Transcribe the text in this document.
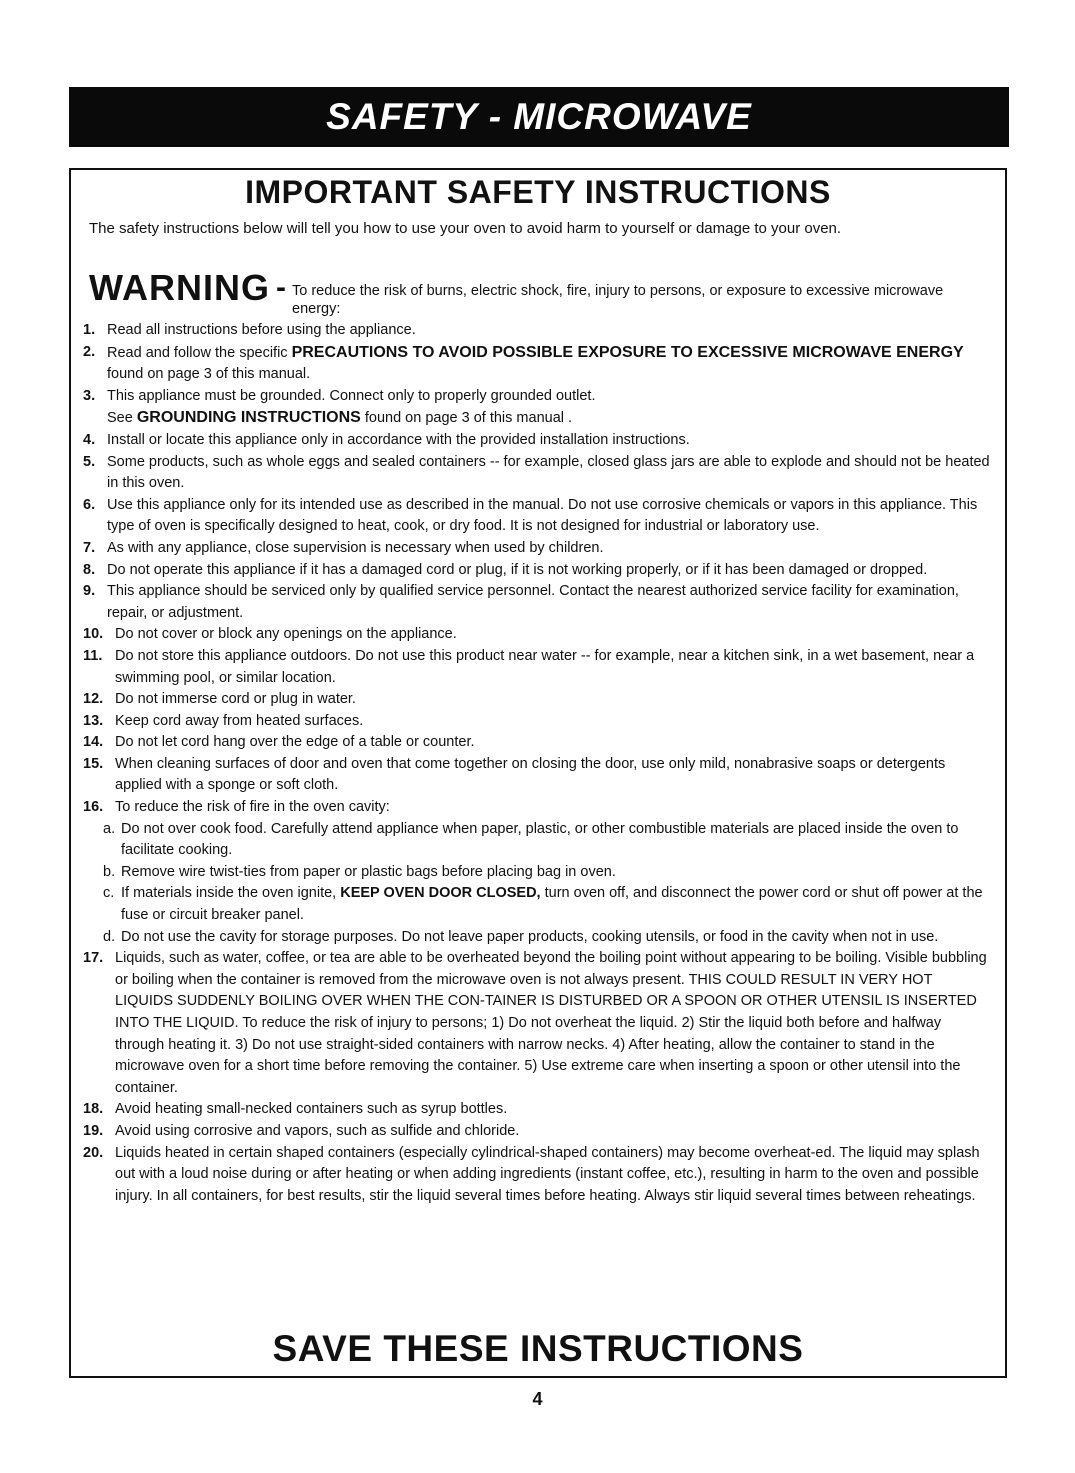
SAFETY - MICROWAVE
IMPORTANT SAFETY INSTRUCTIONS
The safety instructions below will tell you how to use your oven to avoid harm to yourself or damage to your oven.
WARNING - To reduce the risk of burns, electric shock, fire, injury to persons, or exposure to excessive microwave energy:
1. Read all instructions before using the appliance.
2. Read and follow the specific PRECAUTIONS TO AVOID POSSIBLE EXPOSURE TO EXCESSIVE MICROWAVE ENERGY found on page 3 of this manual.
3. This appliance must be grounded. Connect only to properly grounded outlet.
See GROUNDING INSTRUCTIONS found on page 3 of this manual .
4. Install or locate this appliance only in accordance with the provided installation instructions.
5. Some products, such as whole eggs and sealed containers -- for example, closed glass jars are able to explode and should not be heated in this oven.
6. Use this appliance only for its intended use as described in the manual. Do not use corrosive chemicals or vapors in this appliance. This type of oven is specifically designed to heat, cook, or dry food. It is not designed for industrial or laboratory use.
7. As with any appliance, close supervision is necessary when used by children.
8. Do not operate this appliance if it has a damaged cord or plug, if it is not working properly, or if it has been damaged or dropped.
9. This appliance should be serviced only by qualified service personnel. Contact the nearest authorized service facility for examination, repair, or adjustment.
10. Do not cover or block any openings on the appliance.
11. Do not store this appliance outdoors. Do not use this product near water -- for example, near a kitchen sink, in a wet basement, near a swimming pool, or similar location.
12. Do not immerse cord or plug in water.
13. Keep cord away from heated surfaces.
14. Do not let cord hang over the edge of a table or counter.
15. When cleaning surfaces of door and oven that come together on closing the door, use only mild, nonabrasive soaps or detergents applied with a sponge or soft cloth.
16. To reduce the risk of fire in the oven cavity:
a. Do not over cook food. Carefully attend appliance when paper, plastic, or other combustible materials are placed inside the oven to facilitate cooking.
b. Remove wire twist-ties from paper or plastic bags before placing bag in oven.
c. If materials inside the oven ignite, KEEP OVEN DOOR CLOSED, turn oven off, and disconnect the power cord or shut off power at the fuse or circuit breaker panel.
d. Do not use the cavity for storage purposes. Do not leave paper products, cooking utensils, or food in the cavity when not in use.
17. Liquids, such as water, coffee, or tea are able to be overheated beyond the boiling point without appearing to be boiling. Visible bubbling or boiling when the container is removed from the microwave oven is not always present. THIS COULD RESULT IN VERY HOT LIQUIDS SUDDENLY BOILING OVER WHEN THE CON-TAINER IS DISTURBED OR A SPOON OR OTHER UTENSIL IS INSERTED INTO THE LIQUID. To reduce the risk of injury to persons; 1) Do not overheat the liquid. 2) Stir the liquid both before and halfway through heating it. 3) Do not use straight-sided containers with narrow necks. 4) After heating, allow the container to stand in the microwave oven for a short time before removing the container. 5) Use extreme care when inserting a spoon or other utensil into the container.
18. Avoid heating small-necked containers such as syrup bottles.
19. Avoid using corrosive and vapors, such as sulfide and chloride.
20. Liquids heated in certain shaped containers (especially cylindrical-shaped containers) may become overheat-ed. The liquid may splash out with a loud noise during or after heating or when adding ingredients (instant coffee, etc.), resulting in harm to the oven and possible injury. In all containers, for best results, stir the liquid several times before heating. Always stir liquid several times between reheatings.
SAVE THESE INSTRUCTIONS
4
